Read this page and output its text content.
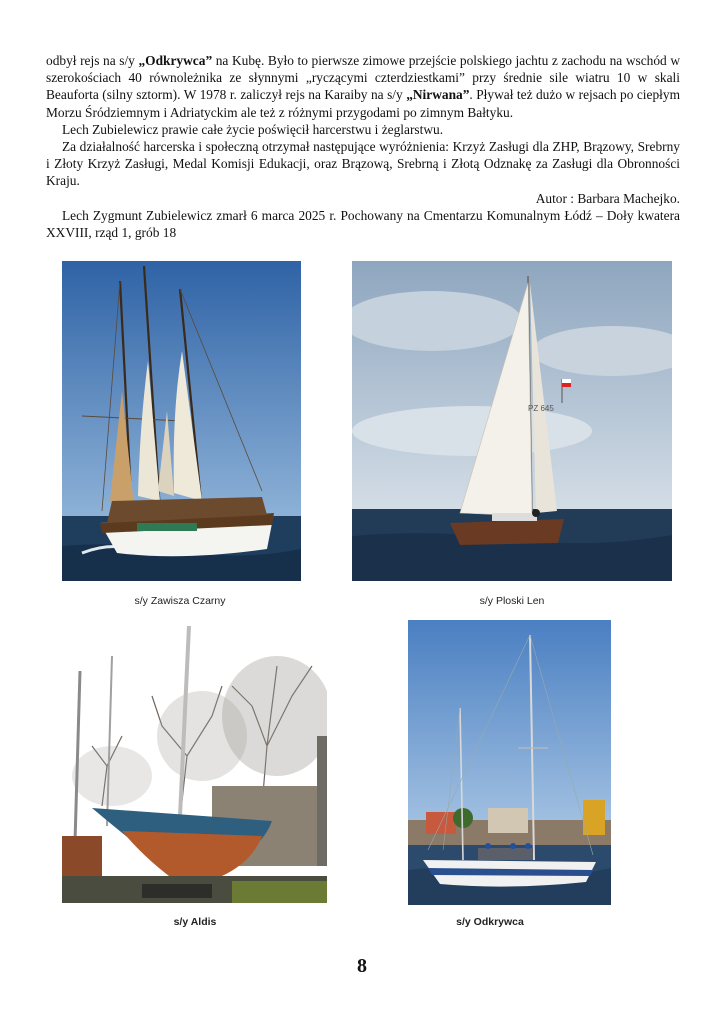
odbył rejs na s/y „Odkrywca” na Kubę. Było to pierwsze zimowe przejście polskiego jachtu z zachodu na wschód w szerokościach 40 równoleżnika ze słynnymi „ryczącymi czterdziestkami” przy średnie sile wiatru 10 w skali Beauforta (silny sztorm). W 1978 r. zaliczył rejs na Karaiby na s/y „Nirwana”. Pływał też dużo w rejsach po ciepłym Morzu Śródziemnym i Adriatyckim ale też z różnymi przygodami po zimnym Bałtyku.

Lech Zubielewicz prawie całe życie poświęcił harcerstwu i żeglarstwu.

Za działalność harcerska i społeczną otrzymał następujące wyróżnienia: Krzyż Zasługi dla ZHP, Brązowy, Srebrny i Złoty Krzyż Zasługi, Medal Komisji Edukacji, oraz Brązową, Srebrną i Złotą Odznakę za Zasługi dla Obronności Kraju.

Autor : Barbara Machejko.

Lech Zygmunt Zubielewicz zmarł 6 marca 2025 r. Pochowany na Cmentarzu Komunalnym Łódź – Doły kwatera XXVIII, rząd 1, grób 18

s/y Zawisza Czarny
PZ 645
s/y Ploski Len
s/y Aldis	s/y Odkrywca
8
